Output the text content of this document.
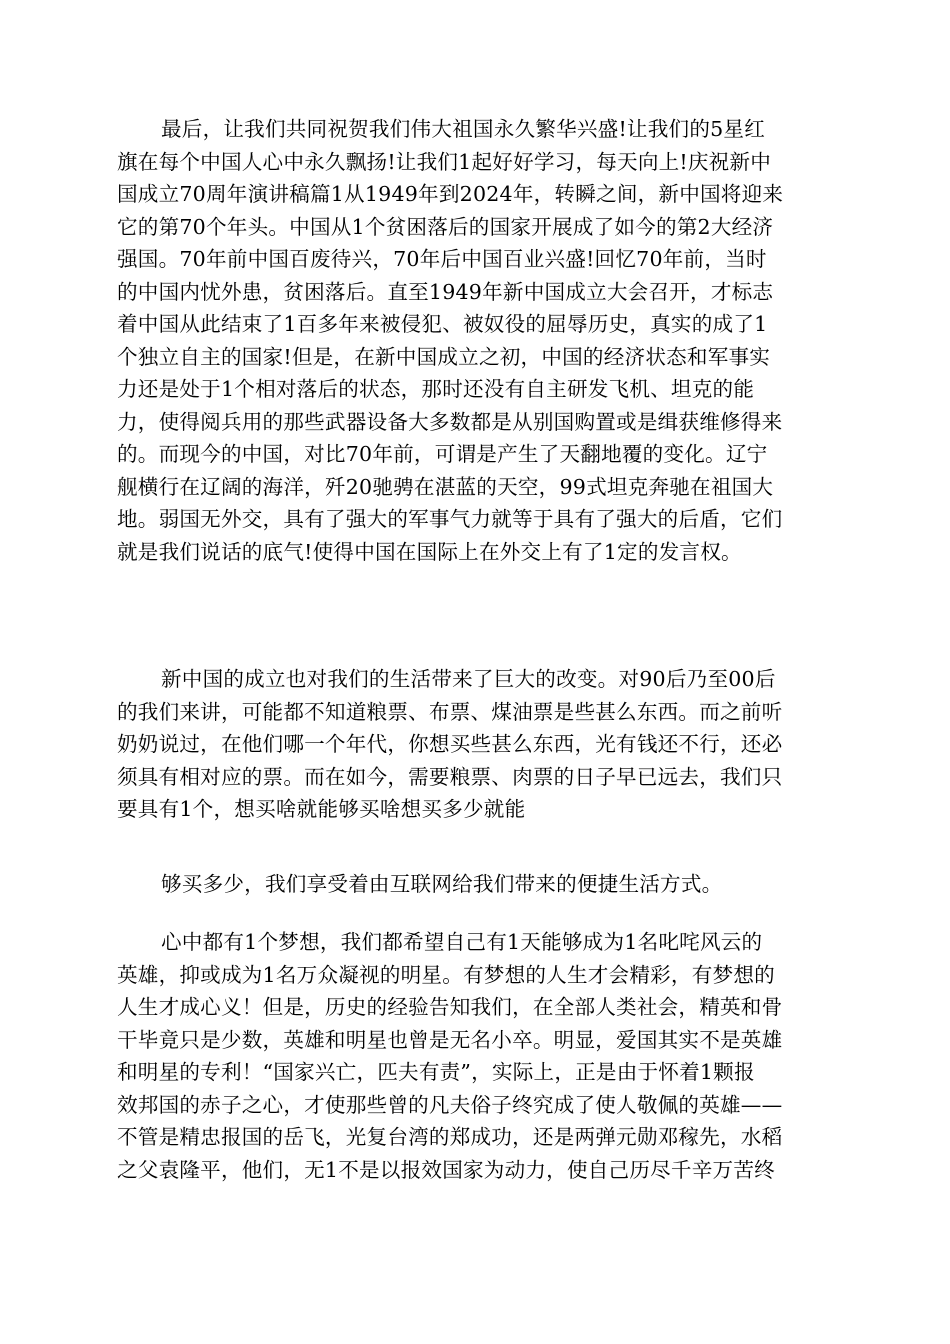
最后，让我们共同祝贺我们伟大祖国永久繁华兴盛!让我们的5星红
旗在每个中国人心中永久飘扬!让我们1起好好学习，每天向上!庆祝新中
国成立70周年演讲稿篇1从1949年到2024年，转瞬之间，新中国将迎来
它的第70个年头。中国从1个贫困落后的国家开展成了如今的第2大经济
强国。70年前中国百废待兴，70年后中国百业兴盛!回忆70年前，当时
的中国内忧外患，贫困落后。直至1949年新中国成立大会召开，才标志
着中国从此结束了1百多年来被侵犯、被奴役的屈辱历史，真实的成了1
个独立自主的国家!但是，在新中国成立之初，中国的经济状态和军事实
力还是处于1个相对落后的状态，那时还没有自主研发飞机、坦克的能
力，使得阅兵用的那些武器设备大多数都是从别国购置或是缉获维修得来
的。而现今的中国，对比70年前，可谓是产生了天翻地覆的变化。辽宁
舰横行在辽阔的海洋，歼20驰骋在湛蓝的天空，99式坦克奔驰在祖国大
地。弱国无外交，具有了强大的军事气力就等于具有了强大的后盾，它们
就是我们说话的底气!使得中国在国际上在外交上有了1定的发言权。
新中国的成立也对我们的生活带来了巨大的改变。对90后乃至00后
的我们来讲，可能都不知道粮票、布票、煤油票是些甚么东西。而之前听
奶奶说过，在他们哪一个年代，你想买些甚么东西，光有钱还不行，还必
须具有相对应的票。而在如今，需要粮票、肉票的日子早已远去，我们只
要具有1个，想买啥就能够买啥想买多少就能
够买多少，我们享受着由互联网给我们带来的便捷生活方式。
心中都有1个梦想，我们都希望自己有1天能够成为1名叱咤风云的
英雄，抑或成为1名万众凝视的明星。有梦想的人生才会精彩，有梦想的
人生才成心义！但是，历史的经验告知我们，在全部人类社会，精英和骨
干毕竟只是少数，英雄和明星也曾是无名小卒。明显，爱国其实不是英雄
和明星的专利！“国家兴亡，匹夫有责”，实际上，正是由于怀着1颗报
效邦国的赤子之心，才使那些曾的凡夫俗子终究成了使人敬佩的英雄——
不管是精忠报国的岳飞，光复台湾的郑成功，还是两弹元勋邓稼先，水稻
之父袁隆平，他们，无1不是以报效国家为动力，使自己历尽千辛万苦终
